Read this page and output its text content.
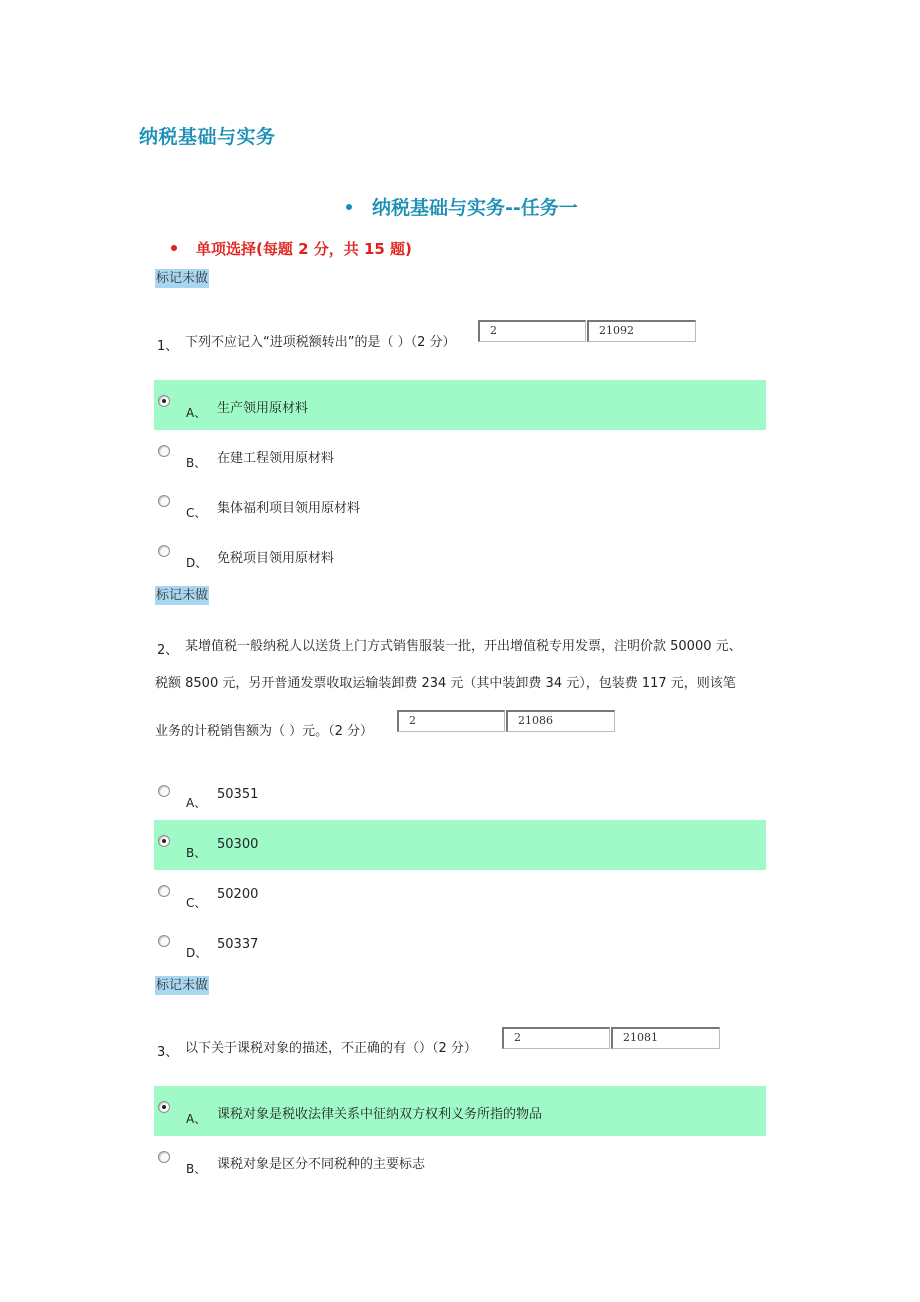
纳税基础与实务
纳税基础与实务--任务一
单项选择(每题 2 分，共 15 题)
标记未做
1、 下列不应记入“进项税额转出”的是（ ）（2 分）
2	21092
A、 生产领用原材料
B、 在建工程领用原材料
C、 集体福利项目领用原材料
D、 免税项目领用原材料
标记未做
2、 某增值税一般纳税人以送货上门方式销售服装一批，开出增值税专用发票，注明价款 50000 元、
税额 8500 元，另开普通发票收取运输装卸费 234 元（其中装卸费 34 元），包装费 117 元，则该笔
业务的计税销售额为（ ）元。（2 分）
2	21086
A、
50351
B、
50300
C、
50200
D、
50337
标记未做
3、 以下关于课税对象的描述，不正确的有（）（2 分）
2	21081
A、 课税对象是税收法律关系中征纳双方权利义务所指的物品
B、 课税对象是区分不同税种的主要标志
